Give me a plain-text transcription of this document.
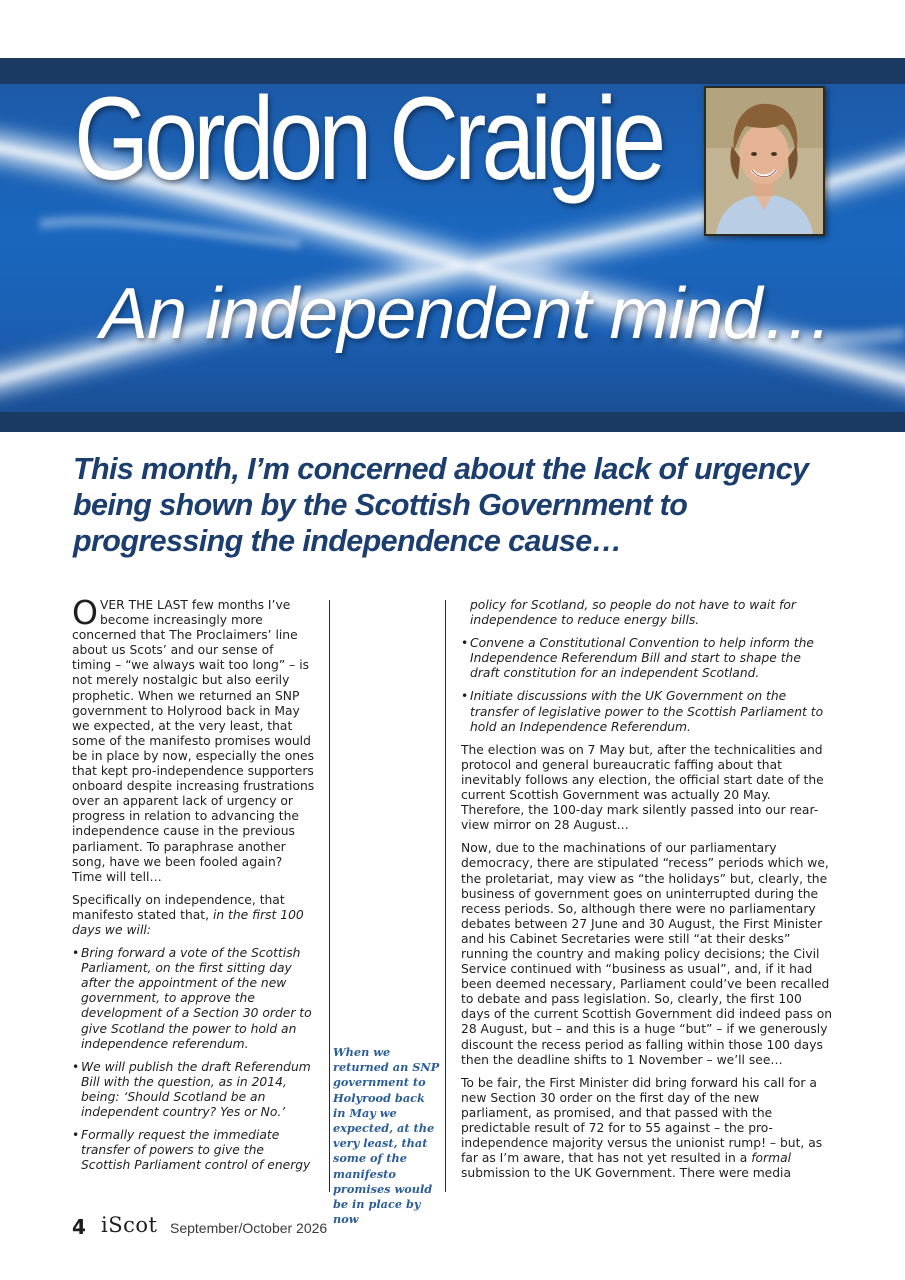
Gordon Craigie
An independent mind…
This month, I’m concerned about the lack of urgency being shown by the Scottish Government to progressing the independence cause…

OVER THE LAST few months I’ve become increasingly more concerned that The Proclaimers’ line about us Scots’ and our sense of timing – “we always wait too long” – is not merely nostalgic but also eerily prophetic. When we returned an SNP government to Holyrood back in May we expected, at the very least, that some of the manifesto promises would be in place by now, especially the ones that kept pro-independence supporters onboard despite increasing frustrations over an apparent lack of urgency or progress in relation to advancing the independence cause in the previous parliament. To paraphrase another song, have we been fooled again? Time will tell…

Specifically on independence, that manifesto stated that, in the first 100 days we will:

• Bring forward a vote of the Scottish Parliament, on the first sitting day after the appointment of the new government, to approve the development of a Section 30 order to give Scotland the power to hold an independence referendum.
• We will publish the draft Referendum Bill with the question, as in 2014, being: ‘Should Scotland be an independent country? Yes or No.’
• Formally request the immediate transfer of powers to give the Scottish Parliament control of energy

When we returned an SNP government to Holyrood back in May we expected, at the very least, that some of the manifesto promises would be in place by now

policy for Scotland, so people do not have to wait for independence to reduce energy bills.
• Convene a Constitutional Convention to help inform the Independence Referendum Bill and start to shape the draft constitution for an independent Scotland.
• Initiate discussions with the UK Government on the transfer of legislative power to the Scottish Parliament to hold an Independence Referendum.

The election was on 7 May but, after the technicalities and protocol and general bureaucratic faffing about that inevitably follows any election, the official start date of the current Scottish Government was actually 20 May. Therefore, the 100-day mark silently passed into our rear-view mirror on 28 August…

Now, due to the machinations of our parliamentary democracy, there are stipulated “recess” periods which we, the proletariat, may view as “the holidays” but, clearly, the business of government goes on uninterrupted during the recess periods. So, although there were no parliamentary debates between 27 June and 30 August, the First Minister and his Cabinet Secretaries were still “at their desks” running the country and making policy decisions; the Civil Service continued with “business as usual”, and, if it had been deemed necessary, Parliament could’ve been recalled to debate and pass legislation. So, clearly, the first 100 days of the current Scottish Government did indeed pass on 28 August, but – and this is a huge “but” – if we generously discount the recess period as falling within those 100 days then the deadline shifts to 1 November – we’ll see…

To be fair, the First Minister did bring forward his call for a new Section 30 order on the first day of the new parliament, as promised, and that passed with the predictable result of 72 for to 55 against – the pro-independence majority versus the unionist rump! – but, as far as I’m aware, that has not yet resulted in a formal submission to the UK Government. There were media

4 iScot September/October 2026
